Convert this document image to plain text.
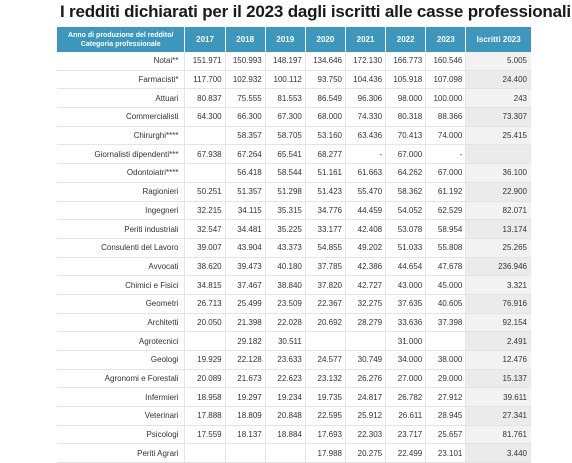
I redditi dichiarati per il 2023 dagli iscritti alle casse professionali
Anno di produzione del reddito/ Categoria professionale	2017	2018	2019	2020	2021	2022	2023	Iscritti 2023
Notai**	151.971	150.993	148.197	134.646	172.130	166.773	160.546	5.005
Farmacisti*	117.700	102.932	100.112	93.750	104.436	105.918	107.098	24.400
Attuari	80.837	75.555	81.553	86.549	96.306	98.000	100.000	243
Commercialisti	64.300	66.300	67.300	68.000	74.330	80.318	88.366	73.307
Chirurghi****		58.357	58.705	53.160	63.436	70.413	74.000	25.415
Giornalisti dipendenti***	67.938	67.264	65.541	68.277	-	67.000	-	
Odontoiatri****		56.418	58.544	51.161	61.663	64.262	67.000	36.100
Ragionieri	50.251	51.357	51.298	51.423	55.470	58.362	61.192	22.900
Ingegneri	32.215	34.115	35.315	34.776	44.459	54.052	62.529	82.071
Periti industriali	32.547	34.481	35.225	33.177	42.408	53.078	58.954	13.174
Consulenti del Lavoro	39.007	43.904	43.373	54.855	49.202	51.033	55.808	25.265
Avvocati	38.620	39.473	40.180	37.785	42.386	44.654	47.678	236.946
Chimici e Fisici	34.815	37.467	38.840	37.820	42.727	43.000	45.000	3.321
Geometri	26.713	25.499	23.509	22.367	32.275	37.635	40.605	76.916
Architetti	20.050	21.398	22.028	20.692	28.279	33.636	37.398	92.154
Agrotecnici		29.182	30.511			31.000		2.491
Geologi	19.929	22.128	23.633	24.577	30.749	34.000	38.000	12.476
Agronomi e Forestali	20.089	21.673	22.623	23.132	26.276	27.000	29.000	15.137
Infermieri	18.958	19.297	19.234	19.735	24.817	26.782	27.912	39.611
Veterinari	17.888	18.809	20.848	22.595	25.912	26.611	28.945	27.341
Psicologi	17.559	18.137	18.884	17.693	22.303	23.717	25.657	81.761
Periti Agrari				17.988	20.275	22.499	23.101	3.440
